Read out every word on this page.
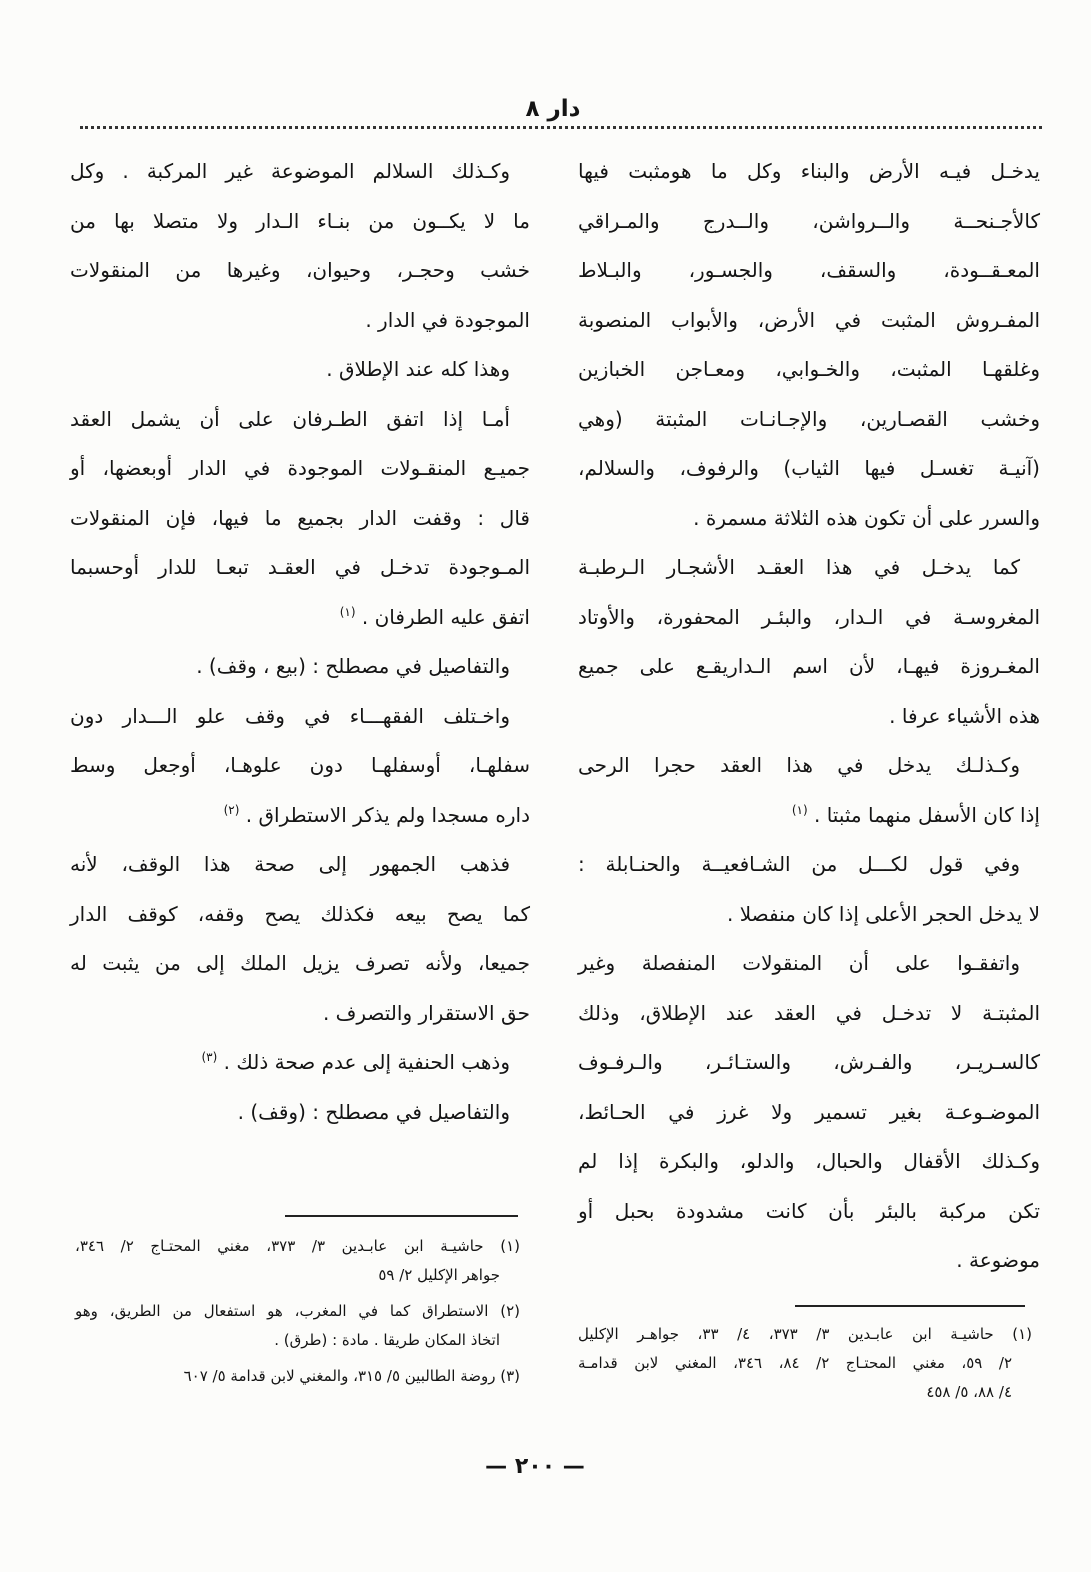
دار ٨
يدخـل فيـه الأرض والبناء وكل ما هومثبت فيها
كالأجـنحــة والــرواشن، والــدرج والمـراقي
المعـقــودة، والسقف، والجسـور، والبـلاط
المفـروش المثبت في الأرض، والأبواب المنصوبة
وغلقهـا المثبت، والخـوابي، ومعـاجن الخبازين
وخشب القصـارين، والإجـانـات المثبتة (وهي
(آنيـة تغسـل فيها الثياب) والرفوف، والسلالم،
والسرر على أن تكون هذه الثلاثة مسمرة .
كما يدخـل في هذا العقـد الأشجـار الـرطبـة
المغروسـة في الـدار، والبئـر المحفورة، والأوتاد
المغـروزة فيهـا، لأن اسم الـداريقـع على جميع
هذه الأشياء عرفا .
وكـذلـك يدخل في هذا العقد حجرا الرحى
إذا كان الأسفل منهما مثبتا . $^{(١)}$
وفي قول لكـــل من الشـافعيــة والحنـابلة :
لا يدخل الحجر الأعلى إذا كان منفصلا .
واتفقـوا على أن المنقولات المنفصلة وغير
المثبتـة لا تدخـل في العقد عند الإطلاق، وذلك
كالسـريـر، والفـرش، والستـائـر، والـرفـوف
الموضـوعـة بغير تسمير ولا غرز في الحـائط،
وكـذلك الأقفال والحبال، والدلو، والبكرة إذا لم
تكن مركبة بالبئر بأن كانت مشدودة بحبل أو
موضوعة .
(١) حاشيـة ابن عابـدين ٣/ ٣٧٣، ٤/ ٣٣، جواهـر الإكليل
٢/ ٥٩، مغني المحتـاج ٢/ ٨٤، ٣٤٦، المغني لابن قدامـة
٤/ ٨٨، ٥/ ٤٥٨
وكـذلك السلالم الموضوعة غير المركبة . وكل
ما لا يكــون من بنـاء الـدار ولا متصلا بها من
خشب وحجـر، وحيوان، وغيرها من المنقولات
الموجودة في الدار .
وهذا كله عند الإطلاق .
أمـا إذا اتفق الطـرفان على أن يشمل العقد
جميـع المنقـولات الموجودة في الدار أوبعضها، أو
قال : وقفت الدار بجميع ما فيها، فإن المنقولات
المـوجودة تدخـل في العقـد تبعـا للدار أوحسبما
اتفق عليه الطرفان . $^{(١)}$
والتفاصيل في مصطلح : (بيع ، وقف) .
واخـتلف الفقهـــاء في وقف علو الـــدار دون
سفلهـا، أوسفلهـا دون علوهـا، أوجعل وسط
داره مسجدا ولم يذكر الاستطراق . $^{(٢)}$
فذهب الجمهور إلى صحة هذا الوقف، لأنه
كما يصح بيعه فكذلك يصح وقفه، كوقف الدار
جميعا، ولأنه تصرف يزيل الملك إلى من يثبت له
حق الاستقرار والتصرف .
وذهب الحنفية إلى عدم صحة ذلك . $^{(٣)}$
والتفاصيل في مصطلح : (وقف) .
(١) حاشيـة ابن عابـدين ٣/ ٣٧٣، مغني المحتـاج ٢/ ٣٤٦،
جواهر الإكليل ٢/ ٥٩
(٢) الاستطراق كما في المغرب، هو استفعال من الطريق، وهو
اتخاذ المكان طريقا . مادة : (طرق) .
(٣) روضة الطالبين ٥/ ٣١٥، والمغني لابن قدامة ٥/ ٦٠٧
— ٢٠٠ —
